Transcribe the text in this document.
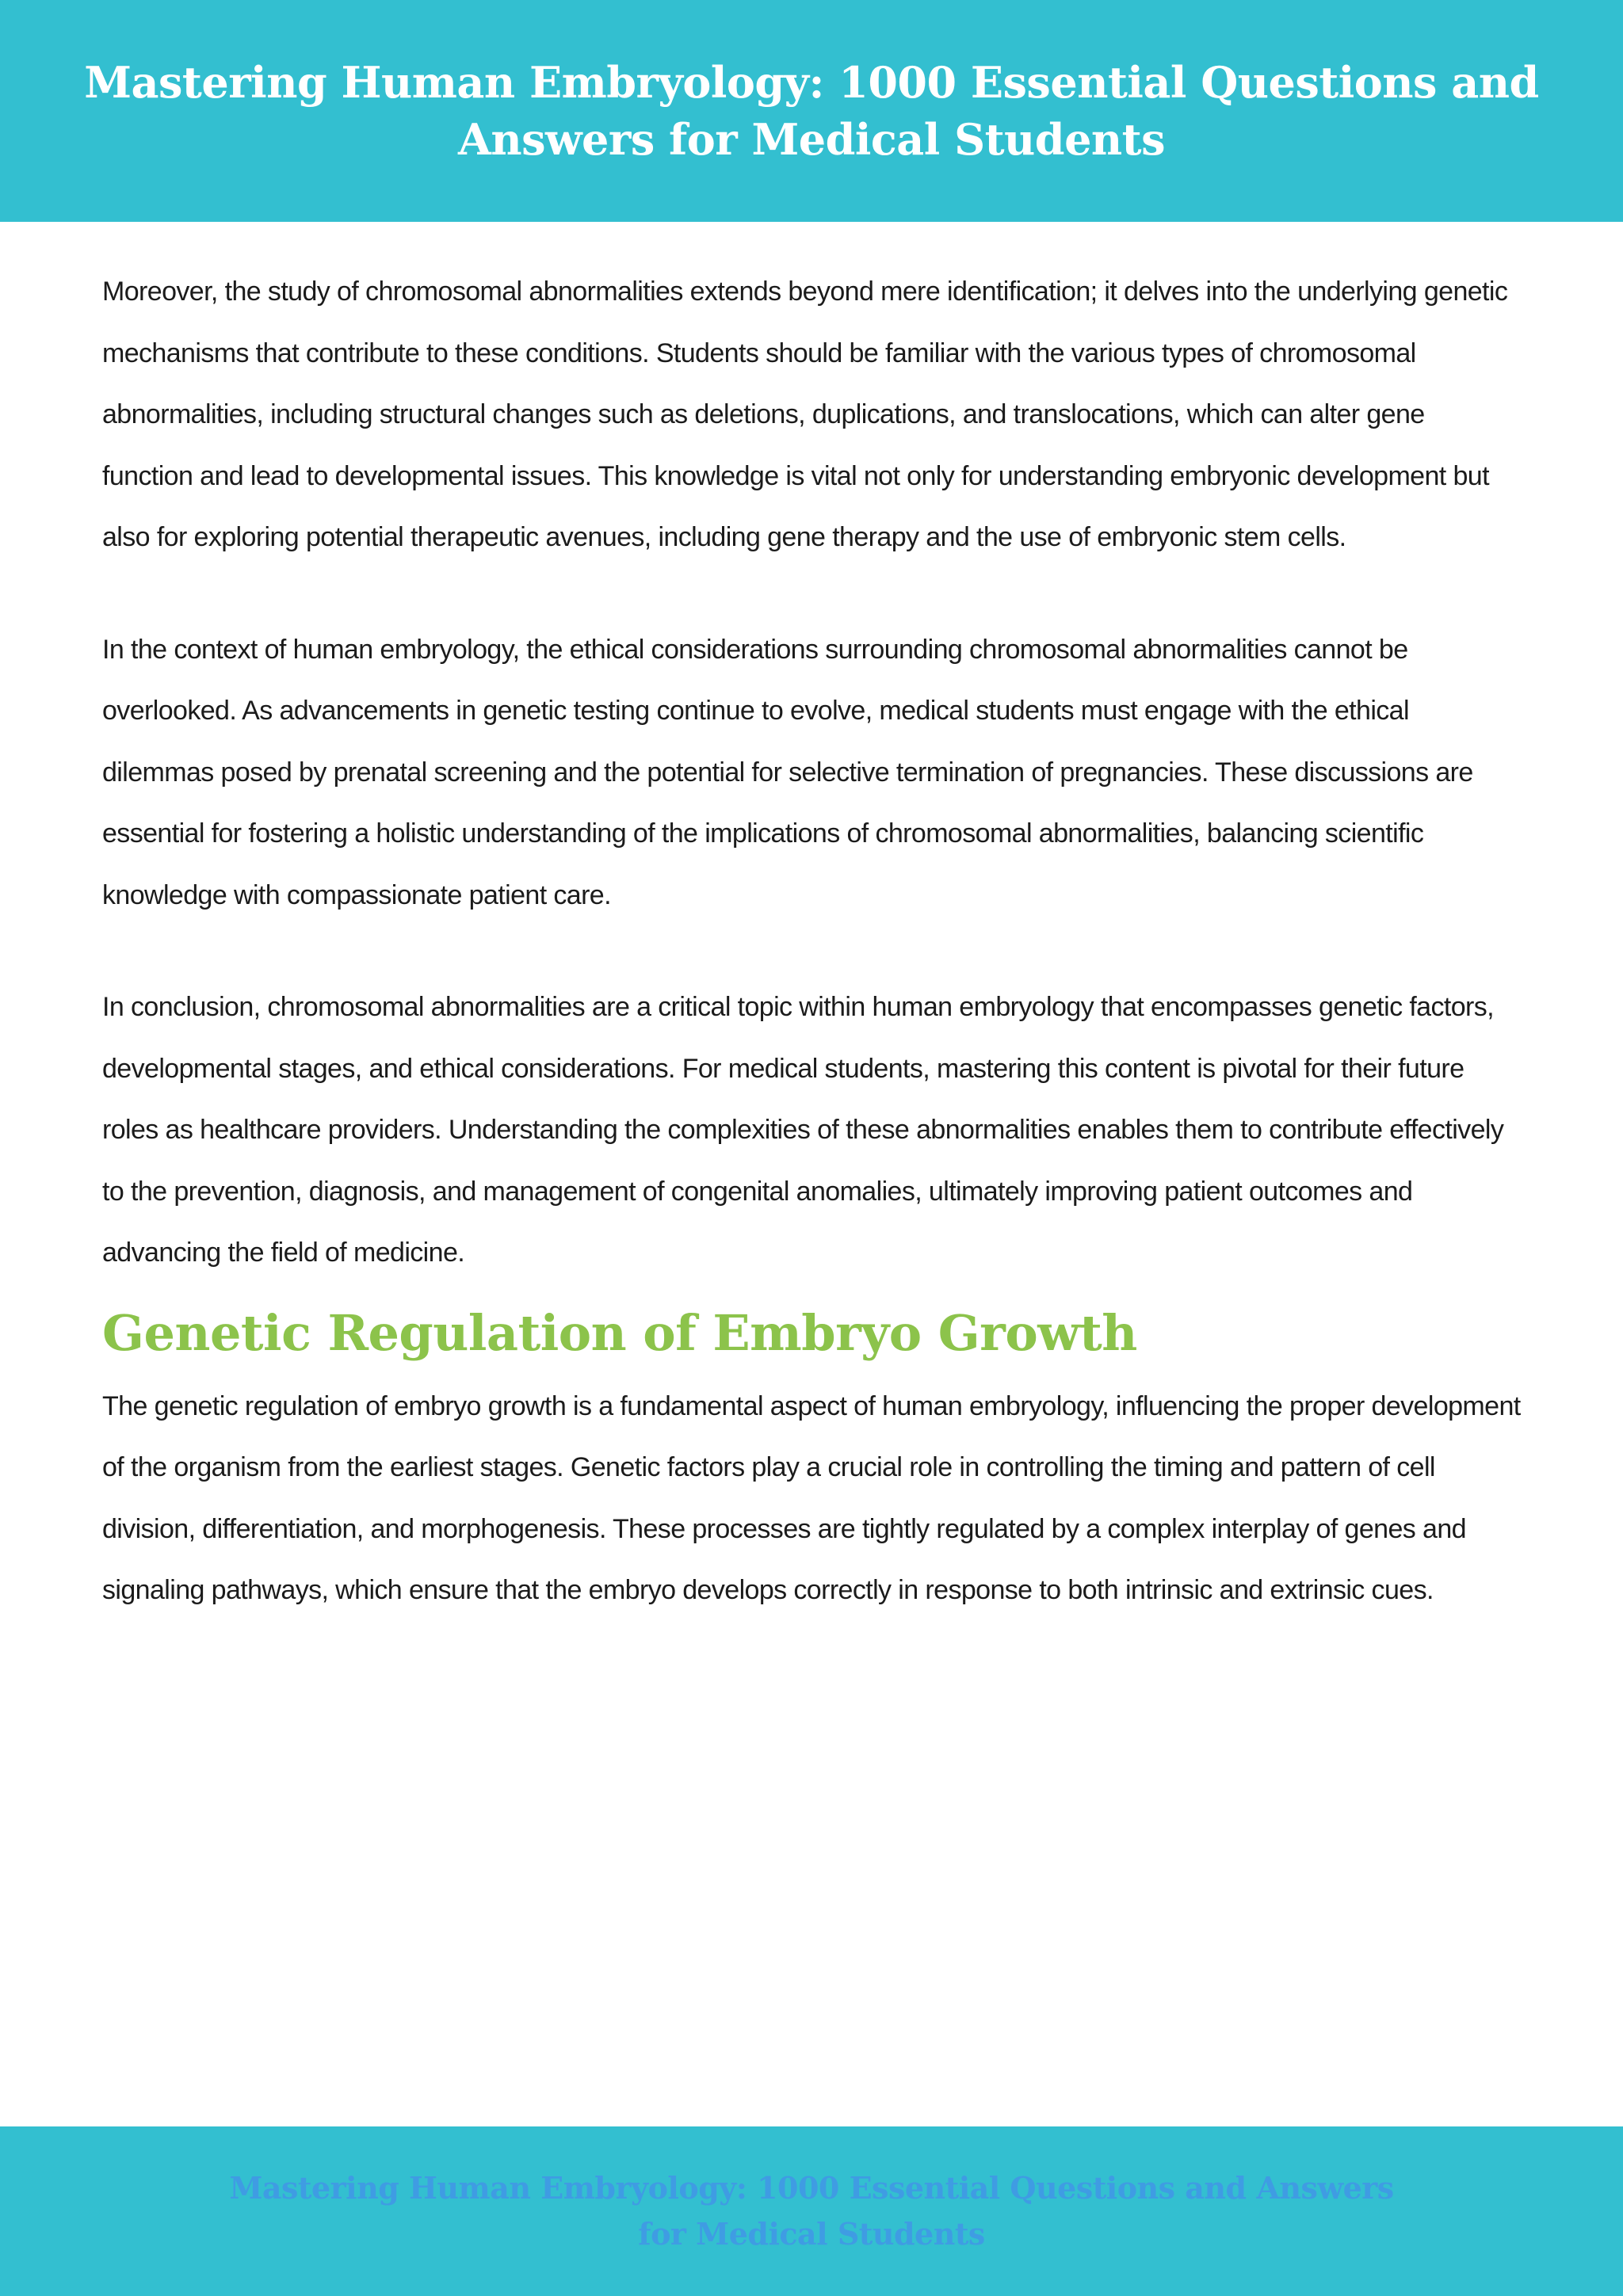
Mastering Human Embryology: 1000 Essential Questions and Answers for Medical Students

Moreover, the study of chromosomal abnormalities extends beyond mere identification; it delves into the underlying genetic mechanisms that contribute to these conditions. Students should be familiar with the various types of chromosomal abnormalities, including structural changes such as deletions, duplications, and translocations, which can alter gene function and lead to developmental issues. This knowledge is vital not only for understanding embryonic development but also for exploring potential therapeutic avenues, including gene therapy and the use of embryonic stem cells.

In the context of human embryology, the ethical considerations surrounding chromosomal abnormalities cannot be overlooked. As advancements in genetic testing continue to evolve, medical students must engage with the ethical dilemmas posed by prenatal screening and the potential for selective termination of pregnancies. These discussions are essential for fostering a holistic understanding of the implications of chromosomal abnormalities, balancing scientific knowledge with compassionate patient care.

In conclusion, chromosomal abnormalities are a critical topic within human embryology that encompasses genetic factors, developmental stages, and ethical considerations. For medical students, mastering this content is pivotal for their future roles as healthcare providers. Understanding the complexities of these abnormalities enables them to contribute effectively to the prevention, diagnosis, and management of congenital anomalies, ultimately improving patient outcomes and advancing the field of medicine.

Genetic Regulation of Embryo Growth

The genetic regulation of embryo growth is a fundamental aspect of human embryology, influencing the proper development of the organism from the earliest stages. Genetic factors play a crucial role in controlling the timing and pattern of cell division, differentiation, and morphogenesis. These processes are tightly regulated by a complex interplay of genes and signaling pathways, which ensure that the embryo develops correctly in response to both intrinsic and extrinsic cues.

Mastering Human Embryology: 1000 Essential Questions and Answers for Medical Students
